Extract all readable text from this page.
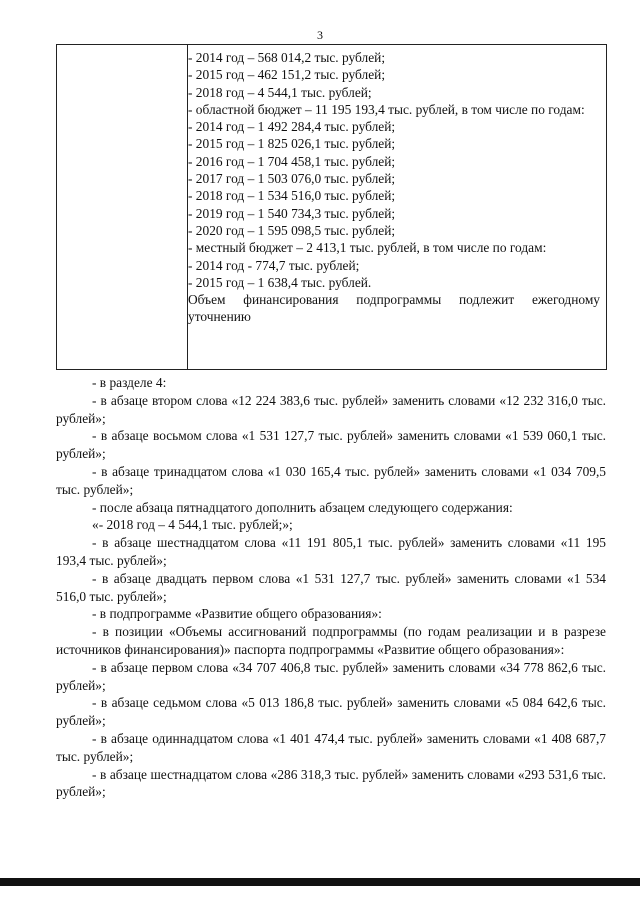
3
- 2014 год – 568 014,2 тыс. рублей;
- 2015 год – 462 151,2 тыс. рублей;
- 2018 год – 4 544,1 тыс. рублей;
- областной бюджет – 11 195 193,4 тыс. рублей, в том числе по годам:
- 2014 год – 1 492 284,4 тыс. рублей;
- 2015 год – 1 825 026,1 тыс. рублей;
- 2016 год – 1 704 458,1 тыс. рублей;
- 2017 год – 1 503 076,0 тыс. рублей;
- 2018 год – 1 534 516,0 тыс. рублей;
- 2019 год – 1 540 734,3 тыс. рублей;
- 2020 год – 1 595 098,5 тыс. рублей;
- местный бюджет – 2 413,1 тыс. рублей, в том числе по годам:
- 2014 год - 774,7 тыс. рублей;
- 2015 год – 1 638,4 тыс. рублей.
Объем финансирования подпрограммы подлежит ежегодному уточнению

- в разделе 4:

- в абзаце втором слова «12 224 383,6 тыс. рублей» заменить словами «12 232 316,0 тыс. рублей»;

- в абзаце восьмом слова «1 531 127,7 тыс. рублей» заменить словами «1 539 060,1 тыс. рублей»;

- в абзаце тринадцатом слова «1 030 165,4 тыс. рублей» заменить словами «1 034 709,5 тыс. рублей»;

- после абзаца пятнадцатого дополнить абзацем следующего содержания:

«- 2018 год – 4 544,1 тыс. рублей;»;

- в абзаце шестнадцатом слова «11 191 805,1 тыс. рублей» заменить словами «11 195 193,4 тыс. рублей»;

- в абзаце двадцать первом слова «1 531 127,7 тыс. рублей» заменить словами «1 534 516,0 тыс. рублей»;

- в подпрограмме «Развитие общего образования»:

- в позиции «Объемы ассигнований подпрограммы (по годам реализации и в разрезе источников финансирования)» паспорта подпрограммы «Развитие общего образования»:

- в абзаце первом слова «34 707 406,8 тыс. рублей» заменить словами «34 778 862,6 тыс. рублей»;

- в абзаце седьмом слова «5 013 186,8 тыс. рублей» заменить словами «5 084 642,6 тыс. рублей»;

- в абзаце одиннадцатом слова «1 401 474,4 тыс. рублей» заменить словами «1 408 687,7 тыс. рублей»;

- в абзаце шестнадцатом слова «286 318,3 тыс. рублей» заменить словами «293 531,6 тыс. рублей»;
